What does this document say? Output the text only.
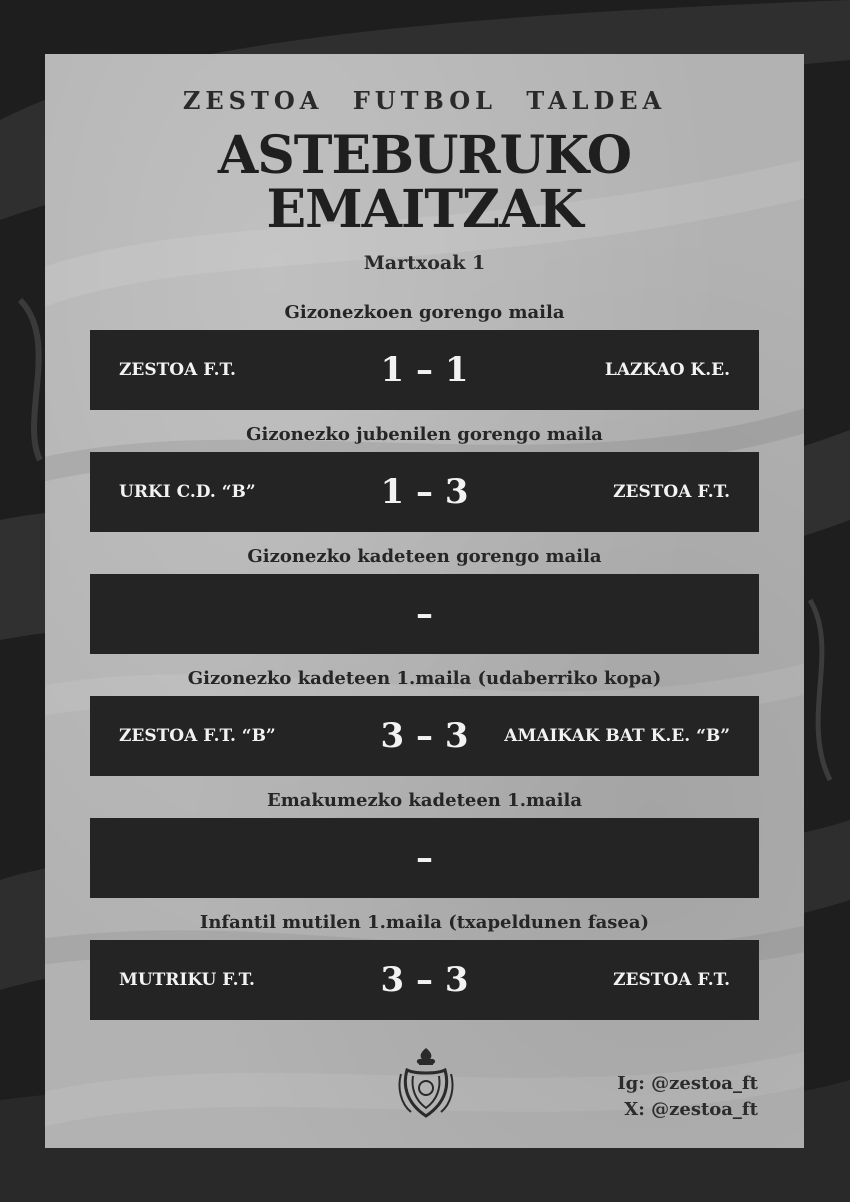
ZESTOA FUTBOL TALDEA
ASTEBURUKO
EMAITZAK
Martxoak 1
Gizonezkoen gorengo maila
ZESTOA F.T.	1 – 1	LAZKAO K.E.
Gizonezko jubenilen gorengo maila
URKI C.D. “B”	1 – 3	ZESTOA F.T.
Gizonezko kadeteen gorengo maila
–
Gizonezko kadeteen 1.maila (udaberriko kopa)
ZESTOA F.T. “B”	3 – 3	AMAIKAK BAT K.E. “B”
Emakumezko kadeteen 1.maila
–
Infantil mutilen 1.maila (txapeldunen fasea)
MUTRIKU F.T.	3 – 3	ZESTOA F.T.
Ig: @zestoa_ft
X: @zestoa_ft
